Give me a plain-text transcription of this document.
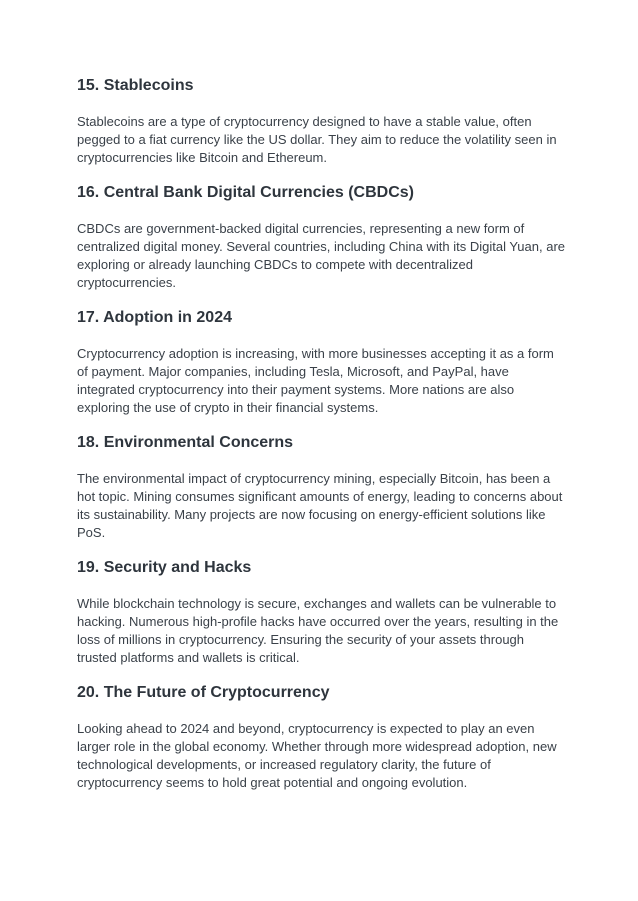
15. Stablecoins

Stablecoins are a type of cryptocurrency designed to have a stable value, often
pegged to a fiat currency like the US dollar. They aim to reduce the volatility seen in
cryptocurrencies like Bitcoin and Ethereum.

16. Central Bank Digital Currencies (CBDCs)

CBDCs are government-backed digital currencies, representing a new form of
centralized digital money. Several countries, including China with its Digital Yuan, are
exploring or already launching CBDCs to compete with decentralized
cryptocurrencies.

17. Adoption in 2024

Cryptocurrency adoption is increasing, with more businesses accepting it as a form
of payment. Major companies, including Tesla, Microsoft, and PayPal, have
integrated cryptocurrency into their payment systems. More nations are also
exploring the use of crypto in their financial systems.

18. Environmental Concerns

The environmental impact of cryptocurrency mining, especially Bitcoin, has been a
hot topic. Mining consumes significant amounts of energy, leading to concerns about
its sustainability. Many projects are now focusing on energy-efficient solutions like
PoS.

19. Security and Hacks

While blockchain technology is secure, exchanges and wallets can be vulnerable to
hacking. Numerous high-profile hacks have occurred over the years, resulting in the
loss of millions in cryptocurrency. Ensuring the security of your assets through
trusted platforms and wallets is critical.

20. The Future of Cryptocurrency

Looking ahead to 2024 and beyond, cryptocurrency is expected to play an even
larger role in the global economy. Whether through more widespread adoption, new
technological developments, or increased regulatory clarity, the future of
cryptocurrency seems to hold great potential and ongoing evolution.
